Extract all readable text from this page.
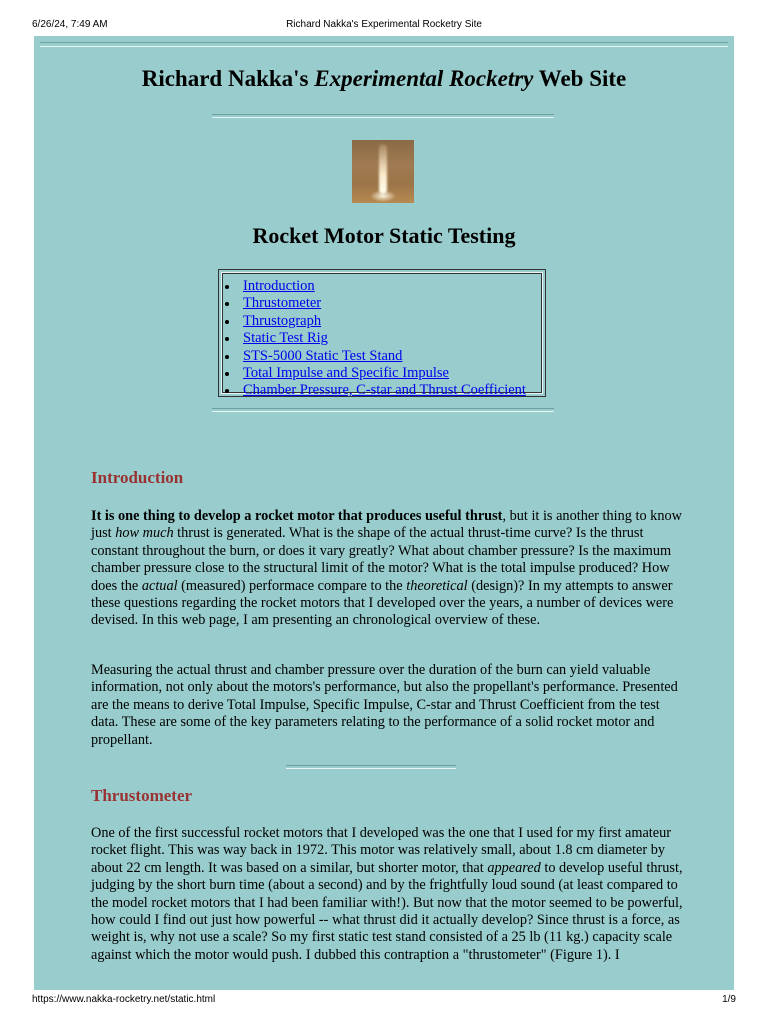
6/26/24, 7:49 AM	Richard Nakka's Experimental Rocketry Site
Richard Nakka's Experimental Rocketry Web Site
Rocket Motor Static Testing
Introduction
Thrustometer
Thrustograph
Static Test Rig
STS-5000 Static Test Stand
Total Impulse and Specific Impulse
Chamber Pressure, C-star and Thrust Coefficient
Introduction

It is one thing to develop a rocket motor that produces useful thrust, but it is another thing to know just how much thrust is generated. What is the shape of the actual thrust-time curve? Is the thrust constant throughout the burn, or does it vary greatly? What about chamber pressure? Is the maximum chamber pressure close to the structural limit of the motor? What is the total impulse produced? How does the actual (measured) performace compare to the theoretical (design)? In my attempts to answer these questions regarding the rocket motors that I developed over the years, a number of devices were devised. In this web page, I am presenting an chronological overview of these.

Measuring the actual thrust and chamber pressure over the duration of the burn can yield valuable information, not only about the motors's performance, but also the propellant's performance. Presented are the means to derive Total Impulse, Specific Impulse, C-star and Thrust Coefficient from the test data. These are some of the key parameters relating to the performance of a solid rocket motor and propellant.

Thrustometer

One of the first successful rocket motors that I developed was the one that I used for my first amateur rocket flight. This was way back in 1972. This motor was relatively small, about 1.8 cm diameter by about 22 cm length. It was based on a similar, but shorter motor, that appeared to develop useful thrust, judging by the short burn time (about a second) and by the frightfully loud sound (at least compared to the model rocket motors that I had been familiar with!). But now that the motor seemed to be powerful, how could I find out just how powerful -- what thrust did it actually develop? Since thrust is a force, as weight is, why not use a scale? So my first static test stand consisted of a 25 lb (11 kg.) capacity scale against which the motor would push. I dubbed this contraption a "thrustometer" (Figure 1). I

https://www.nakka-rocketry.net/static.html	1/9
